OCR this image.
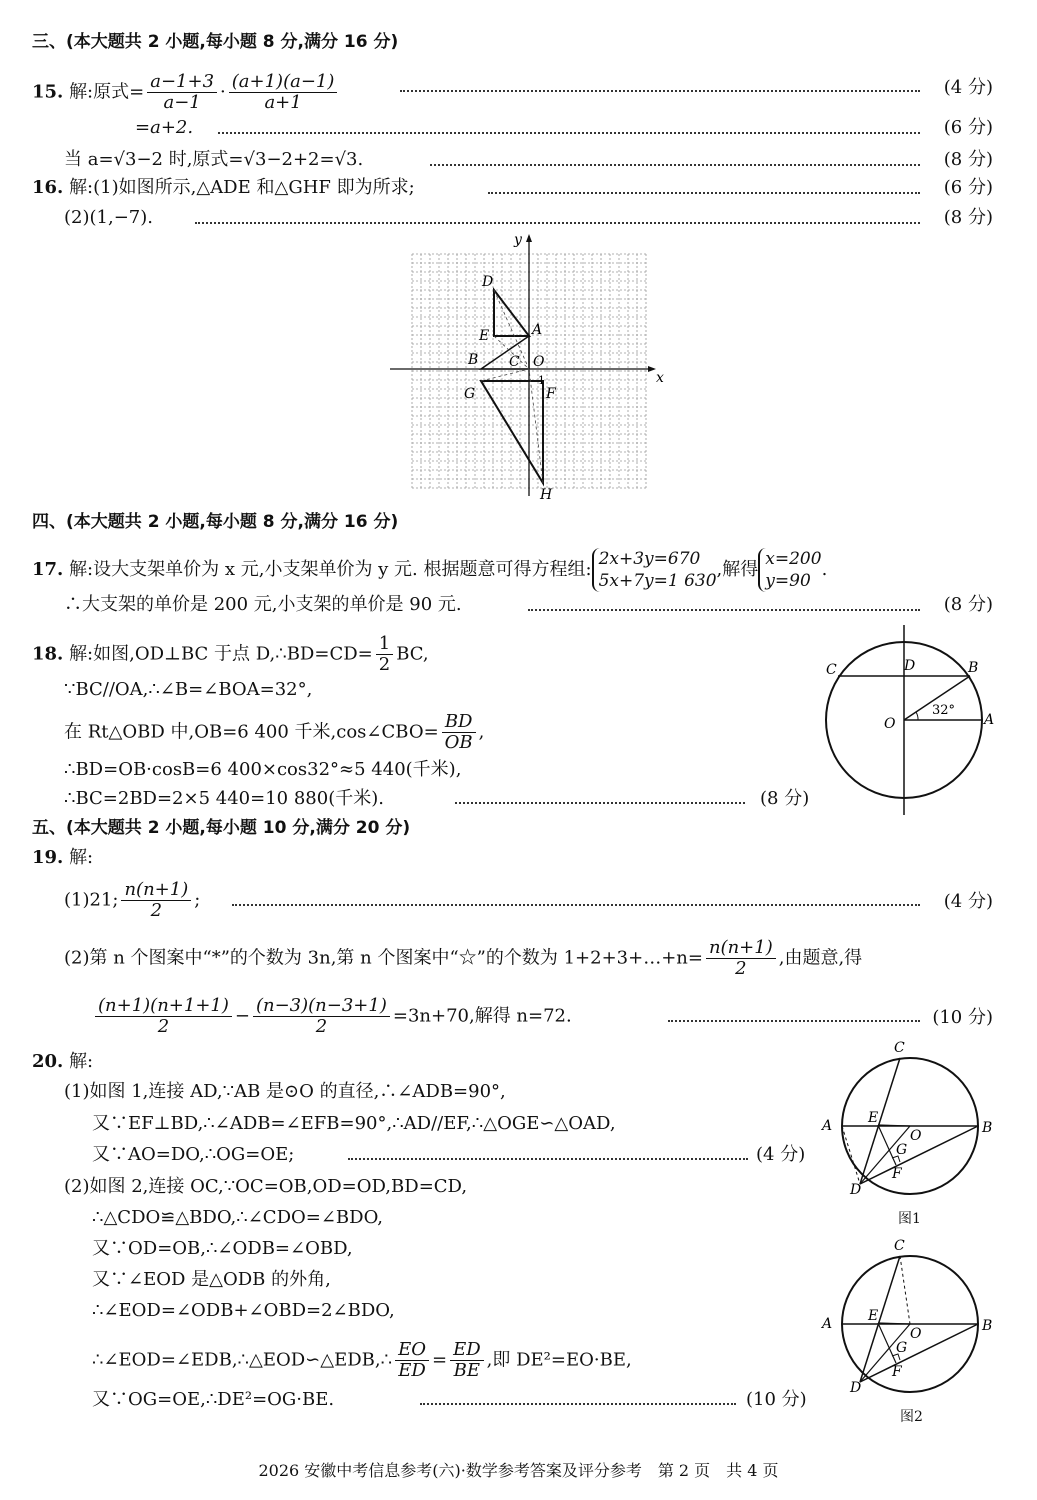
三、(本大题共 2 小题,每小题 8 分,满分 16 分)
15. 解:原式= $\frac{a-1+3}{a-1} \cdot \frac{(a+1)(a-1)}{a+1}$	(4 分)
=a+2.	(6 分)
当 a=√3−2 时,原式=√3−2+2=√3.	(8 分)
16. 解:(1)如图所示,△ADE 和△GHF 即为所求;	(6 分)
(2)(1,−7).	(8 分)
y
x
D
E	A
B C O
1
G	F
H
四、(本大题共 2 小题,每小题 8 分,满分 16 分)
17. 解:设大支架单价为 x 元,小支架单价为 y 元. 根据题意可得方程组: 2x+3y=670
5x+7y=1 630
,解得 x=200
y=90
.
∴大支架的单价是 200 元,小支架的单价是 90 元.	(8 分)
18. 解:如图,OD⊥BC 于点 D,∴BD=CD= $\frac{1}{2}$ BC,
∵BC//OA,∴∠B=∠BOA=32°,
在 Rt△OBD 中,OB=6 400 千米,cos∠CBO= $\frac{BD}{OB}$ ,
∴BD=OB·cosB=6 400×cos32°≈5 440(千米),
∴BC=2BD=2×5 440=10 880(千米).	(8 分)
C	D	B
O	A
32°
五、(本大题共 2 小题,每小题 10 分,满分 20 分)
19. 解:
(1)21; $\frac{n(n+1)}{2}$ ;	(4 分)
(2)第 n 个图案中“*”的个数为 3n,第 n 个图案中“☆”的个数为 1+2+3+…+n= $\frac{n(n+1)}{2}$ ,由题意,得
$\frac{(n+1)(n+1+1)}{2} - \frac{(n-3)(n-3+1)}{2} =3n+70$,解得 n=72.	(10 分)
20. 解:
(1)如图 1,连接 AD,∵AB 是⊙O 的直径,∴∠ADB=90°,
又∵EF⊥BD,∴∠ADB=∠EFB=90°,∴AD//EF,∴△OGE∽△OAD,
又∵AO=DO,∴OG=OE;	(4 分)
(2)如图 2,连接 OC,∵OC=OB,OD=OD,BD=CD,
∴△CDO≌△BDO,∴∠CDO=∠BDO,
又∵OD=OB,∴∠ODB=∠OBD,
又∵∠EOD 是△ODB 的外角,
∴∠EOD=∠ODB+∠OBD=2∠BDO,
∴∠EOD=∠EDB,∴△EOD∽△EDB,∴ $\frac{EO}{ED} = \frac{ED}{BE}$ ,即 DE²=EO·BE,
又∵OG=OE,∴DE²=OG·BE.	(10 分)
C
A	B
E
O
G
F
D
图1
C
A	B
E
O
G
F
D
图2
2026 安徽中考信息参考(六)·数学参考答案及评分参考　第 2 页　共 4 页
